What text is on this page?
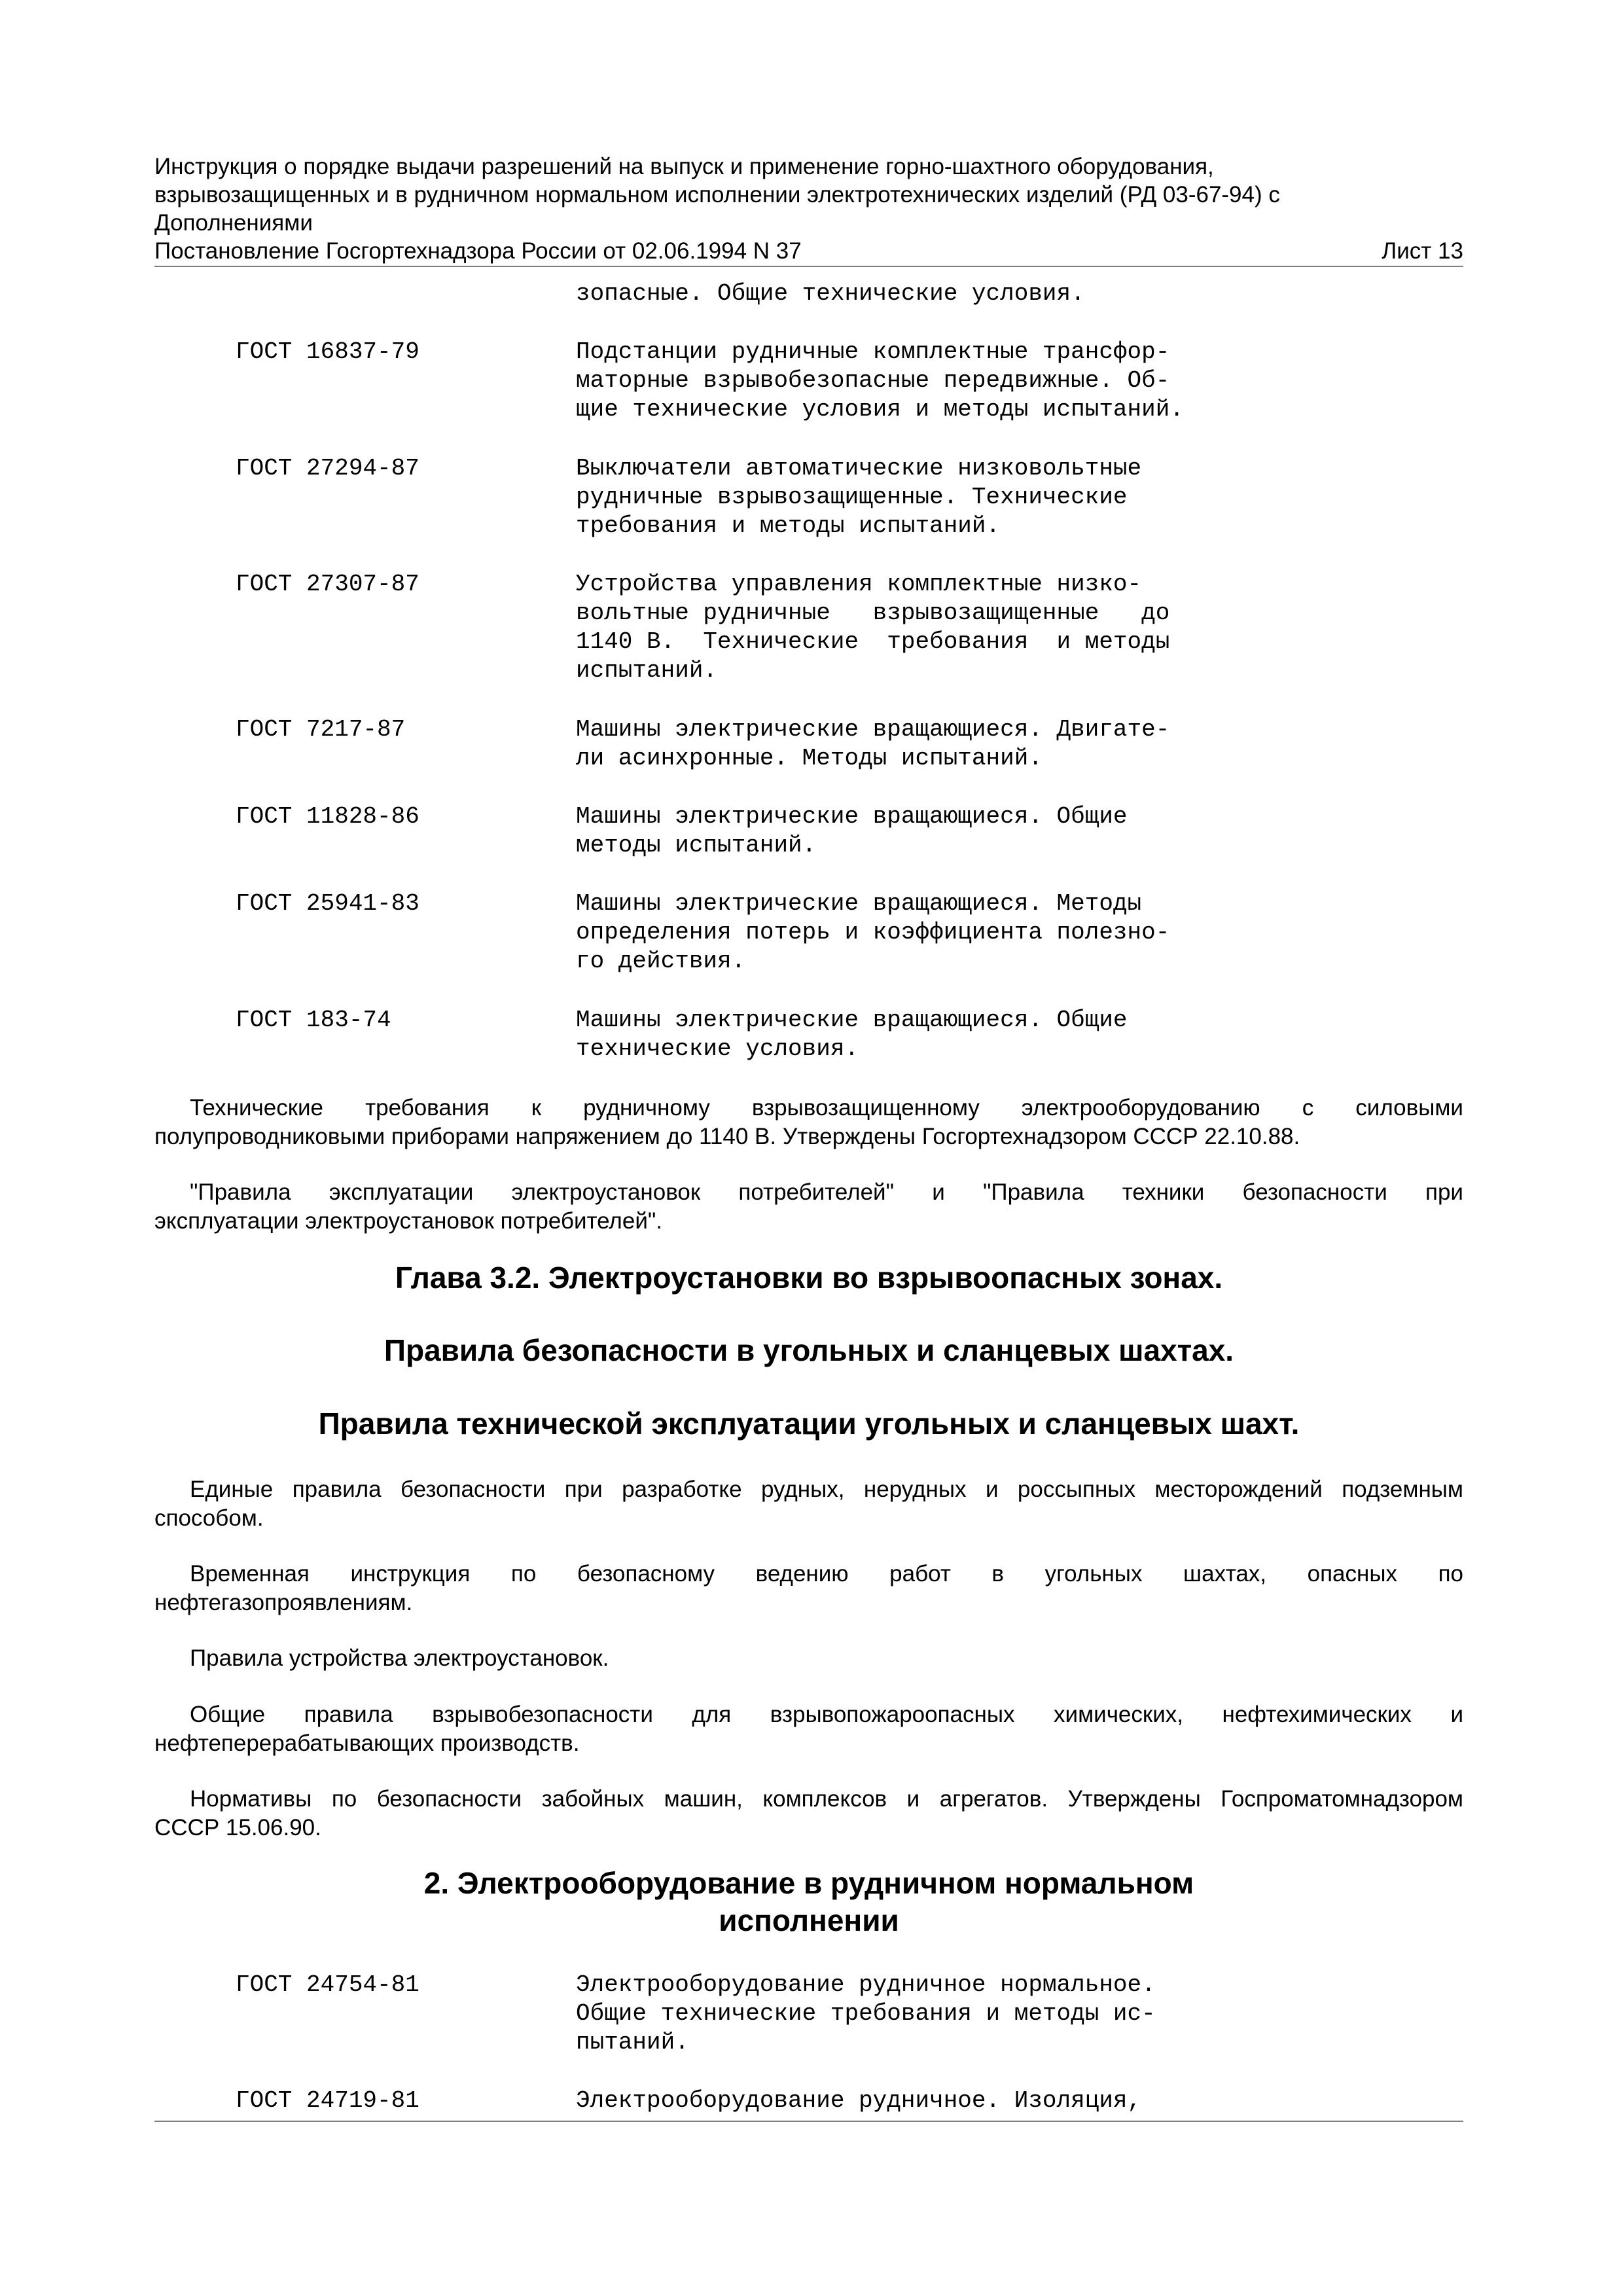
Инструкция о порядке выдачи разрешений на выпуск и применение горно-шахтного оборудования,
взрывозащищенных и в рудничном нормальном исполнении электротехнических изделий (РД 03-67-94) с
Дополнениями
Постановление Госгортехнадзора России от 02.06.1994 N 37	Лист 13
зопасные. Общие технические условия.
ГОСТ 16837-79	Подстанции рудничные комплектные трансфор-
маторные взрывобезопасные передвижные. Об-
щие технические условия и методы испытаний.
ГОСТ 27294-87	Выключатели автоматические низковольтные
рудничные взрывозащищенные. Технические
требования и методы испытаний.
ГОСТ 27307-87	Устройства управления комплектные низко-
вольтные рудничные   взрывозащищенные   до
1140 В.  Технические  требования  и методы
испытаний.
ГОСТ 7217-87	Машины электрические вращающиеся. Двигате-
ли асинхронные. Методы испытаний.
ГОСТ 11828-86	Машины электрические вращающиеся. Общие
методы испытаний.
ГОСТ 25941-83	Машины электрические вращающиеся. Методы
определения потерь и коэффициента полезно-
го действия.
ГОСТ 183-74	Машины электрические вращающиеся. Общие
технические условия.
Технические требования к рудничному взрывозащищенному электрооборудованию с силовыми
полупроводниковыми приборами напряжением до 1140 В. Утверждены Госгортехнадзором СССР 22.10.88.
"Правила эксплуатации электроустановок потребителей" и "Правила техники безопасности при
эксплуатации электроустановок потребителей".
Глава 3.2. Электроустановки во взрывоопасных зонах.
Правила безопасности в угольных и сланцевых шахтах.
Правила технической эксплуатации угольных и сланцевых шахт.
Единые правила безопасности при разработке рудных, нерудных и россыпных месторождений подземным
способом.
Временная инструкция по безопасному ведению работ в угольных шахтах, опасных по
нефтегазопроявлениям.
Правила устройства электроустановок.
Общие правила взрывобезопасности для взрывопожароопасных химических, нефтехимических и
нефтеперерабатывающих производств.
Нормативы по безопасности забойных машин, комплексов и агрегатов. Утверждены Госпроматомнадзором
СССР 15.06.90.
2. Электрооборудование в рудничном нормальном
исполнении
ГОСТ 24754-81	Электрооборудование рудничное нормальное.
Общие технические требования и методы ис-
пытаний.
ГОСТ 24719-81	Электрооборудование рудничное. Изоляция,
